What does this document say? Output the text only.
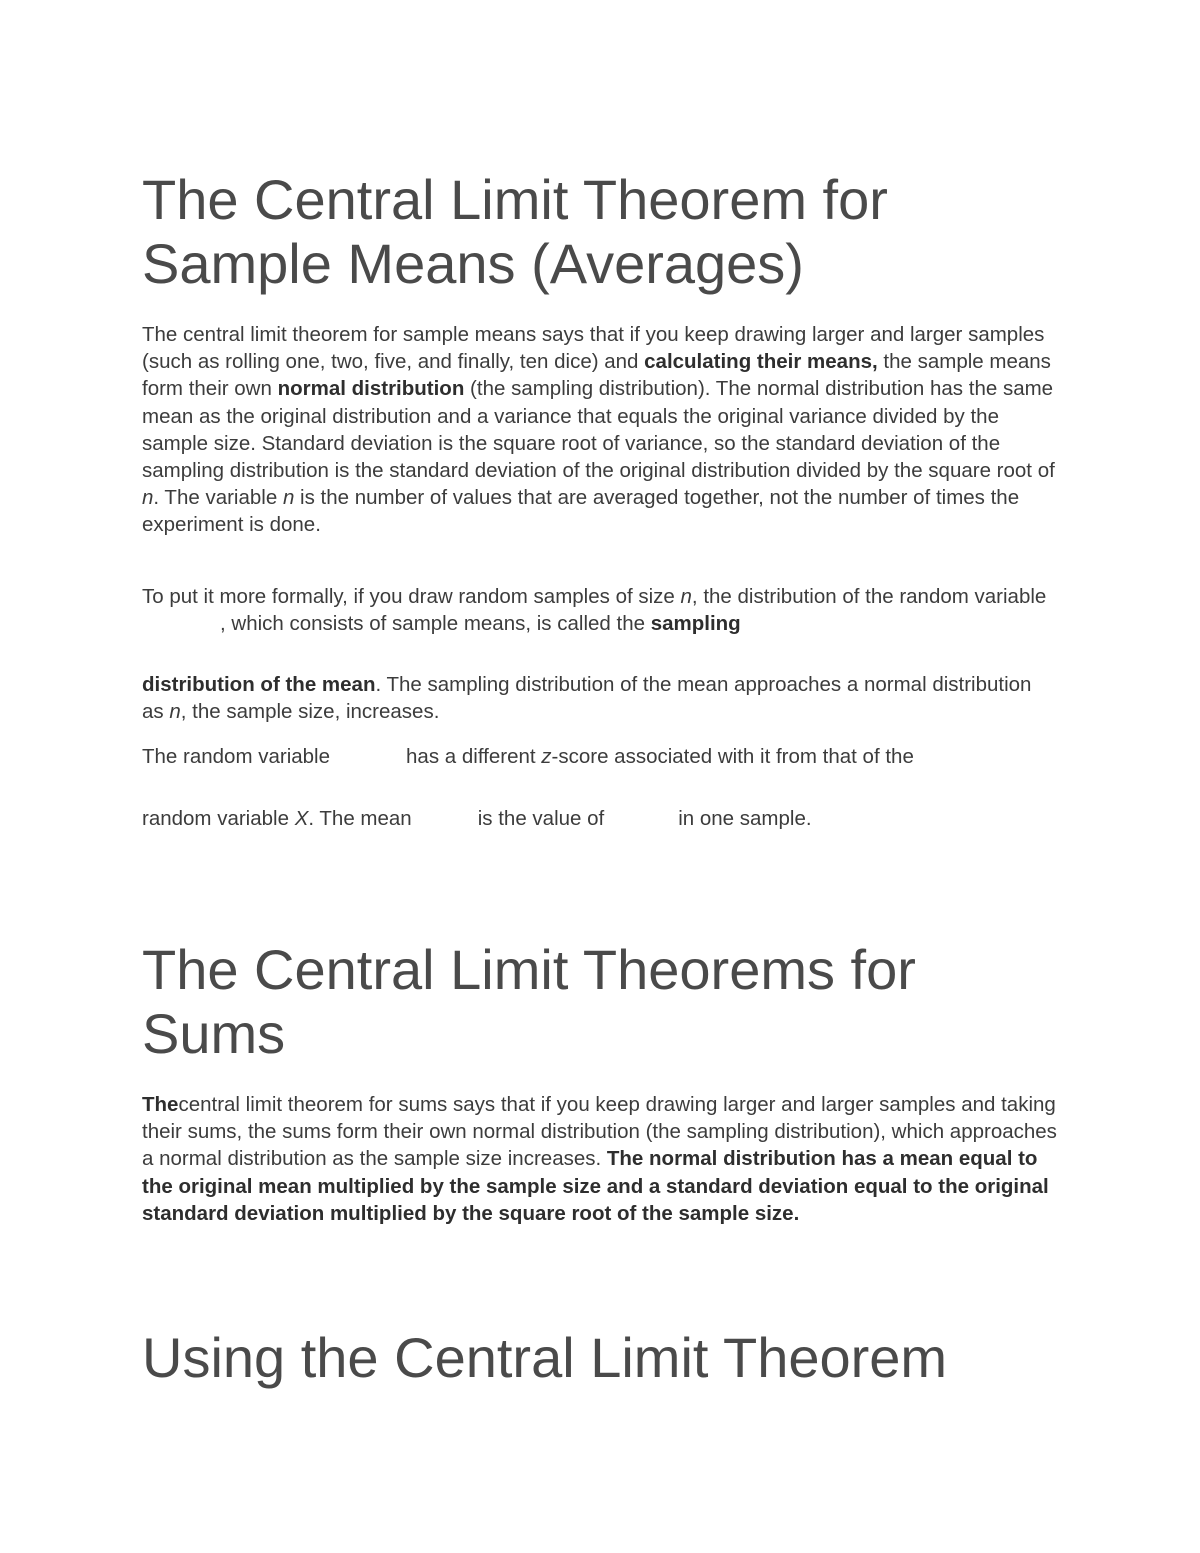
The Central Limit Theorem for Sample Means (Averages)

The central limit theorem for sample means says that if you keep drawing larger and larger samples (such as rolling one, two, five, and finally, ten dice) and calculating their means, the sample means form their own normal distribution (the sampling distribution). The normal distribution has the same mean as the original distribution and a variance that equals the original variance divided by the sample size. Standard deviation is the square root of variance, so the standard deviation of the sampling distribution is the standard deviation of the original distribution divided by the square root of n. The variable n is the number of values that are averaged together, not the number of times the experiment is done.

To put it more formally, if you draw random samples of size n, the distribution of the random variable, which consists of sample means, is called the sampling

distribution of the mean. The sampling distribution of the mean approaches a normal distribution as n, the sample size, increases.

The random variable	has a different z-score associated with it from that of the

random variable X. The mean	is the value of	in one sample.

The Central Limit Theorems for Sums

Thecentral limit theorem for sums says that if you keep drawing larger and larger samples and taking their sums, the sums form their own normal distribution (the sampling distribution), which approaches a normal distribution as the sample size increases. The normal distribution has a mean equal to the original mean multiplied by the sample size and a standard deviation equal to the original standard deviation multiplied by the square root of the sample size.

Using the Central Limit Theorem
